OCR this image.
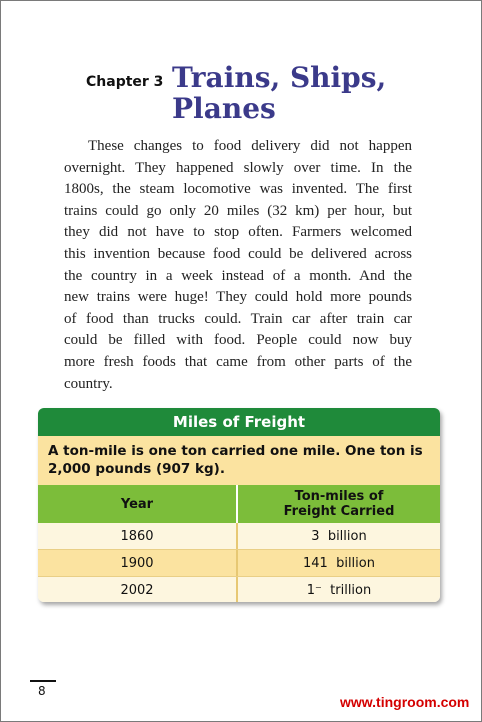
Chapter 3 Trains, Ships, Planes

These changes to food delivery did not happen
overnight. They happened slowly over time. In the
1800s, the steam locomotive was invented. The first
trains could go only 20 miles (32 km) per hour, but
they did not have to stop often. Farmers welcomed
this invention because food could be delivered across
the country in a week instead of a month. And the
new trains were huge! They could hold more pounds
of food than trucks could. Train car after train car
could be filled with food. People could now buy
more fresh foods that came from other parts of the
country.

Miles of Freight
A ton-mile is one ton carried one mile. One ton is 2,000 pounds (907 kg).
Year	Ton-miles of Freight Carried
1860	3  billion
1900	141  billion
2002	1⁻  trillion
8
www.tingroom.com
